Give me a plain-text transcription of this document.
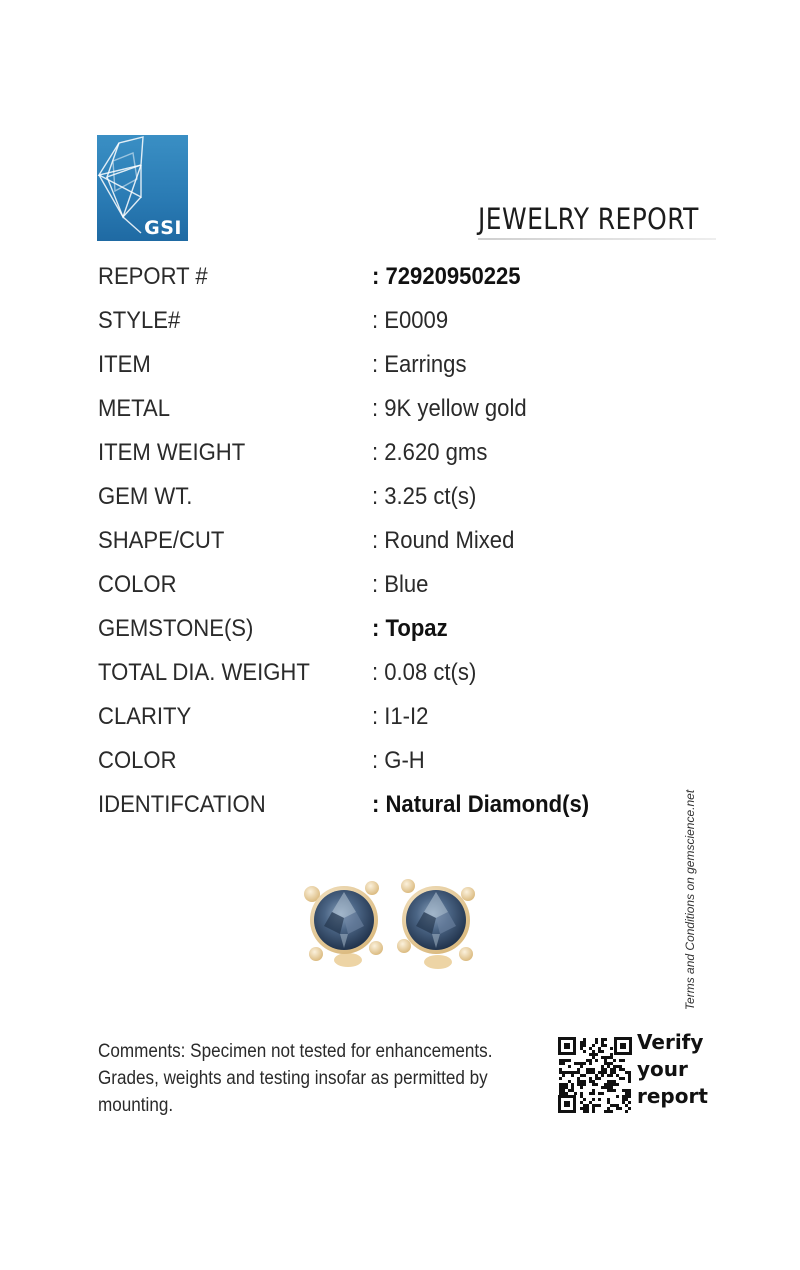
GSI	JEWELRY REPORT
REPORT #	: 72920950225
STYLE#	: E0009
ITEM	: Earrings
METAL	: 9K yellow gold
ITEM WEIGHT	: 2.620 gms
GEM WT.	: 3.25 ct(s)
SHAPE/CUT	: Round Mixed
COLOR	: Blue
GEMSTONE(S)	: Topaz
TOTAL DIA. WEIGHT	: 0.08 ct(s)
CLARITY	: I1-I2
COLOR	: G-H
IDENTIFCATION	: Natural Diamond(s)	Terms and Conditions on gemscience.net
Comments: Specimen not tested for enhancements.
Grades, weights and testing insofar as permitted by
mounting.
Verify
your
report
